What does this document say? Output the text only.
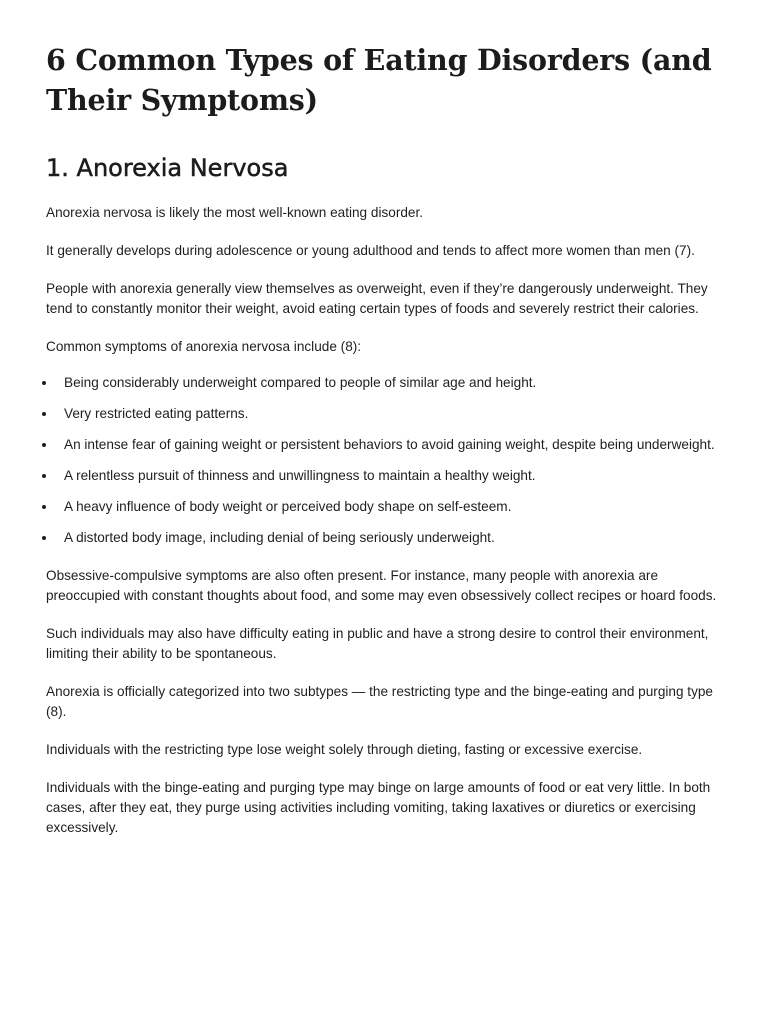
6 Common Types of Eating Disorders (and Their Symptoms)
1. Anorexia Nervosa

Anorexia nervosa is likely the most well-known eating disorder.

It generally develops during adolescence or young adulthood and tends to affect more women than men (7).

People with anorexia generally view themselves as overweight, even if they’re dangerously underweight. They tend to constantly monitor their weight, avoid eating certain types of foods and severely restrict their calories.

Common symptoms of anorexia nervosa include (8):

Being considerably underweight compared to people of similar age and height.
Very restricted eating patterns.
An intense fear of gaining weight or persistent behaviors to avoid gaining weight, despite being underweight.
A relentless pursuit of thinness and unwillingness to maintain a healthy weight.
A heavy influence of body weight or perceived body shape on self-esteem.
A distorted body image, including denial of being seriously underweight.

Obsessive-compulsive symptoms are also often present. For instance, many people with anorexia are preoccupied with constant thoughts about food, and some may even obsessively collect recipes or hoard foods.

Such individuals may also have difficulty eating in public and have a strong desire to control their environment, limiting their ability to be spontaneous.

Anorexia is officially categorized into two subtypes — the restricting type and the binge-eating and purging type (8).

Individuals with the restricting type lose weight solely through dieting, fasting or excessive exercise.

Individuals with the binge-eating and purging type may binge on large amounts of food or eat very little. In both cases, after they eat, they purge using activities including vomiting, taking laxatives or diuretics or exercising excessively.
